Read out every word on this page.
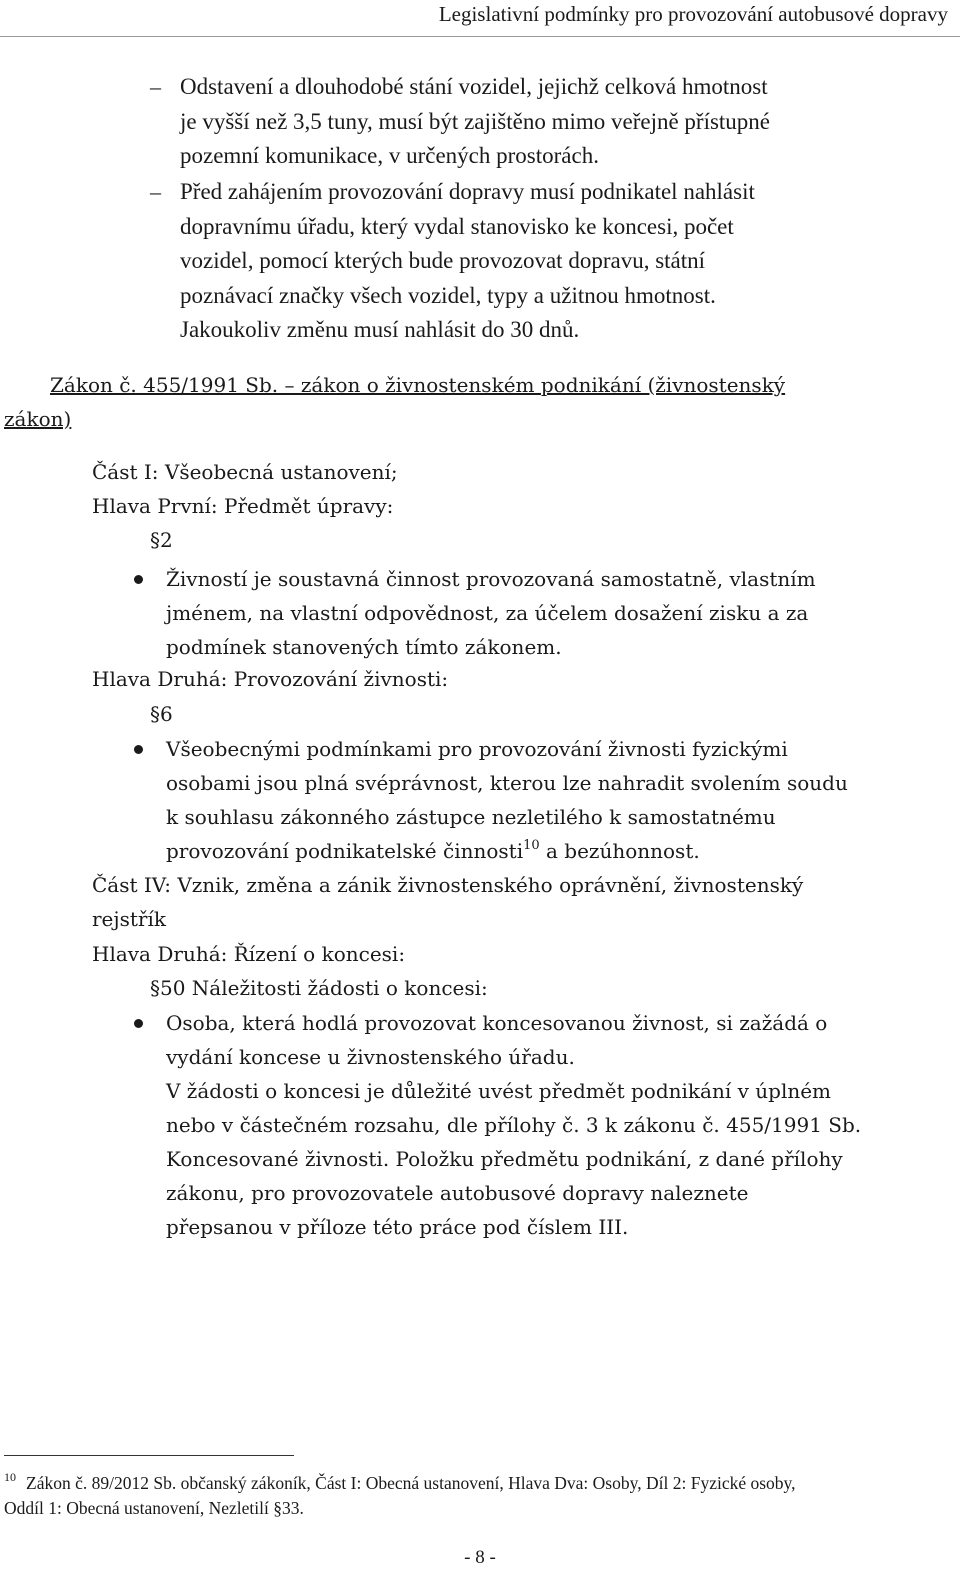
Legislativní podmínky pro provozování autobusové dopravy
– Odstavení a dlouhodobé stání vozidel, jejichž celková hmotnost
je vyšší než 3,5 tuny, musí být zajištěno mimo veřejně přístupné
pozemní komunikace, v určených prostorách.
– Před zahájením provozování dopravy musí podnikatel nahlásit
dopravnímu úřadu, který vydal stanovisko ke koncesi, počet
vozidel, pomocí kterých bude provozovat dopravu, státní
poznávací značky všech vozidel, typy a užitnou hmotnost.
Jakoukoliv změnu musí nahlásit do 30 dnů.
Zákon č. 455/1991 Sb. – zákon o živnostenském podnikání (živnostenský
zákon)
Část I: Všeobecná ustanovení;
Hlava První: Předmět úpravy:
§2
Živností je soustavná činnost provozovaná samostatně, vlastním
jménem, na vlastní odpovědnost, za účelem dosažení zisku a za
podmínek stanovených tímto zákonem.
Hlava Druhá: Provozování živnosti:
§6
Všeobecnými podmínkami pro provozování živnosti fyzickými
osobami jsou plná svéprávnost, kterou lze nahradit svolením soudu
k souhlasu zákonného zástupce nezletilého k samostatnému
provozování podnikatelské činnosti$^{10}$ a bezúhonnost.
Část IV: Vznik, změna a zánik živnostenského oprávnění, živnostenský
rejstřík
Hlava Druhá: Řízení o koncesi:
§50 Náležitosti žádosti o koncesi:
Osoba, která hodlá provozovat koncesovanou živnost, si zažádá o
vydání koncese u živnostenského úřadu.
V žádosti o koncesi je důležité uvést předmět podnikání v úplném
nebo v částečném rozsahu, dle přílohy č. 3 k zákonu č. 455/1991 Sb.
Koncesované živnosti. Položku předmětu podnikání, z dané přílohy
zákonu, pro provozovatele autobusové dopravy naleznete
přepsanou v příloze této práce pod číslem III.
$^{10}$ Zákon č. 89/2012 Sb. občanský zákoník, Část I: Obecná ustanovení, Hlava Dva: Osoby, Díl 2: Fyzické osoby,
Oddíl 1: Obecná ustanovení, Nezletilí §33.
- 8 -
